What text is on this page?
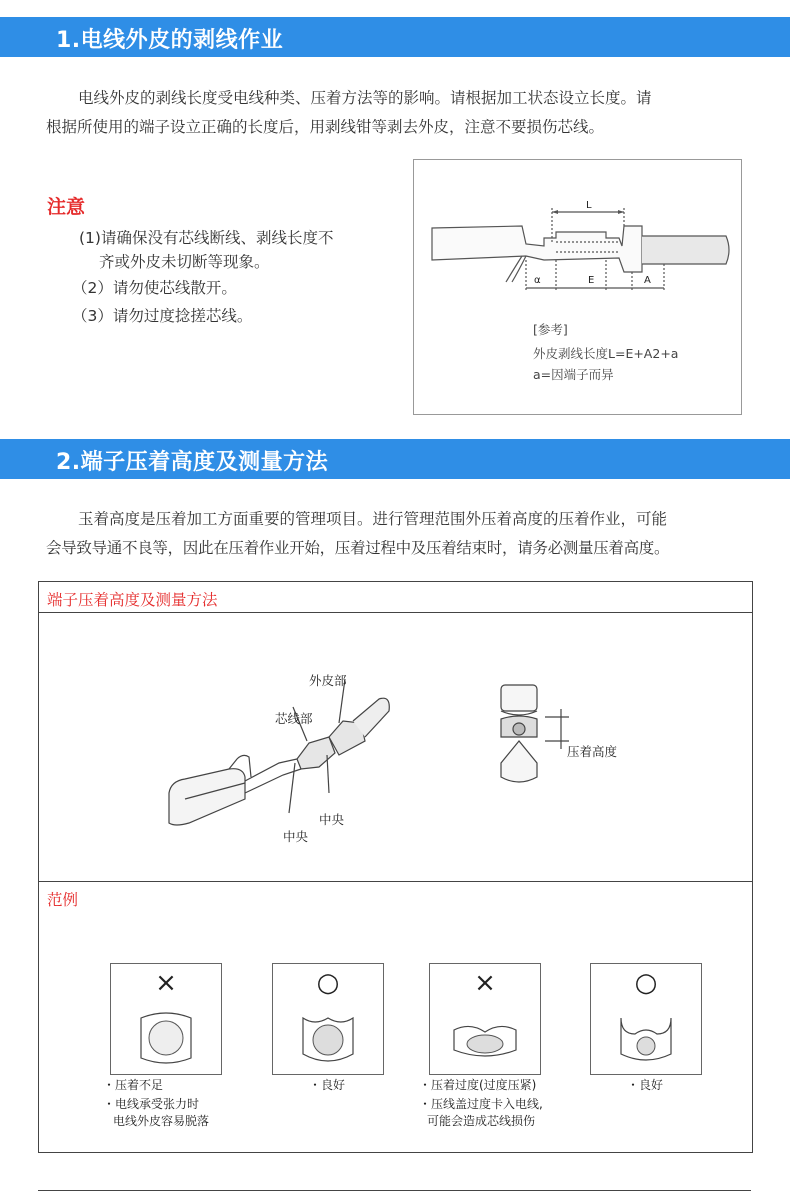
1.电线外皮的剥线作业

电线外皮的剥线长度受电线种类、压着方法等的影响。请根据加工状态设立长度。请

根据所使用的端子设立正确的长度后，用剥线钳等剥去外皮，注意不要损伤芯线。

注意
(1)请确保没有芯线断线、剥线长度不
齐或外皮未切断等现象。
（2）请勿使芯线散开。
（3）请勿过度捻搓芯线。
L
α	E	A
[参考]
外皮剥线长度L=E+A2+a
a=因端子而异
2.端子压着高度及测量方法

玉着高度是压着加工方面重要的管理项目。进行管理范围外压着高度的压着作业，可能

会导致导通不良等，因此在压着作业开始，压着过程中及压着结束时，请务必测量压着高度。

端子压着高度及测量方法
外皮部
芯线部
中央
中央
压着高度
范例
×	○	×	○
・压着不足
・电线承受张力时
电线外皮容易脱落
・良好	・压着过度(过度压紧)
・压线盖过度卡入电线,
可能会造成芯线损伤
・良好
